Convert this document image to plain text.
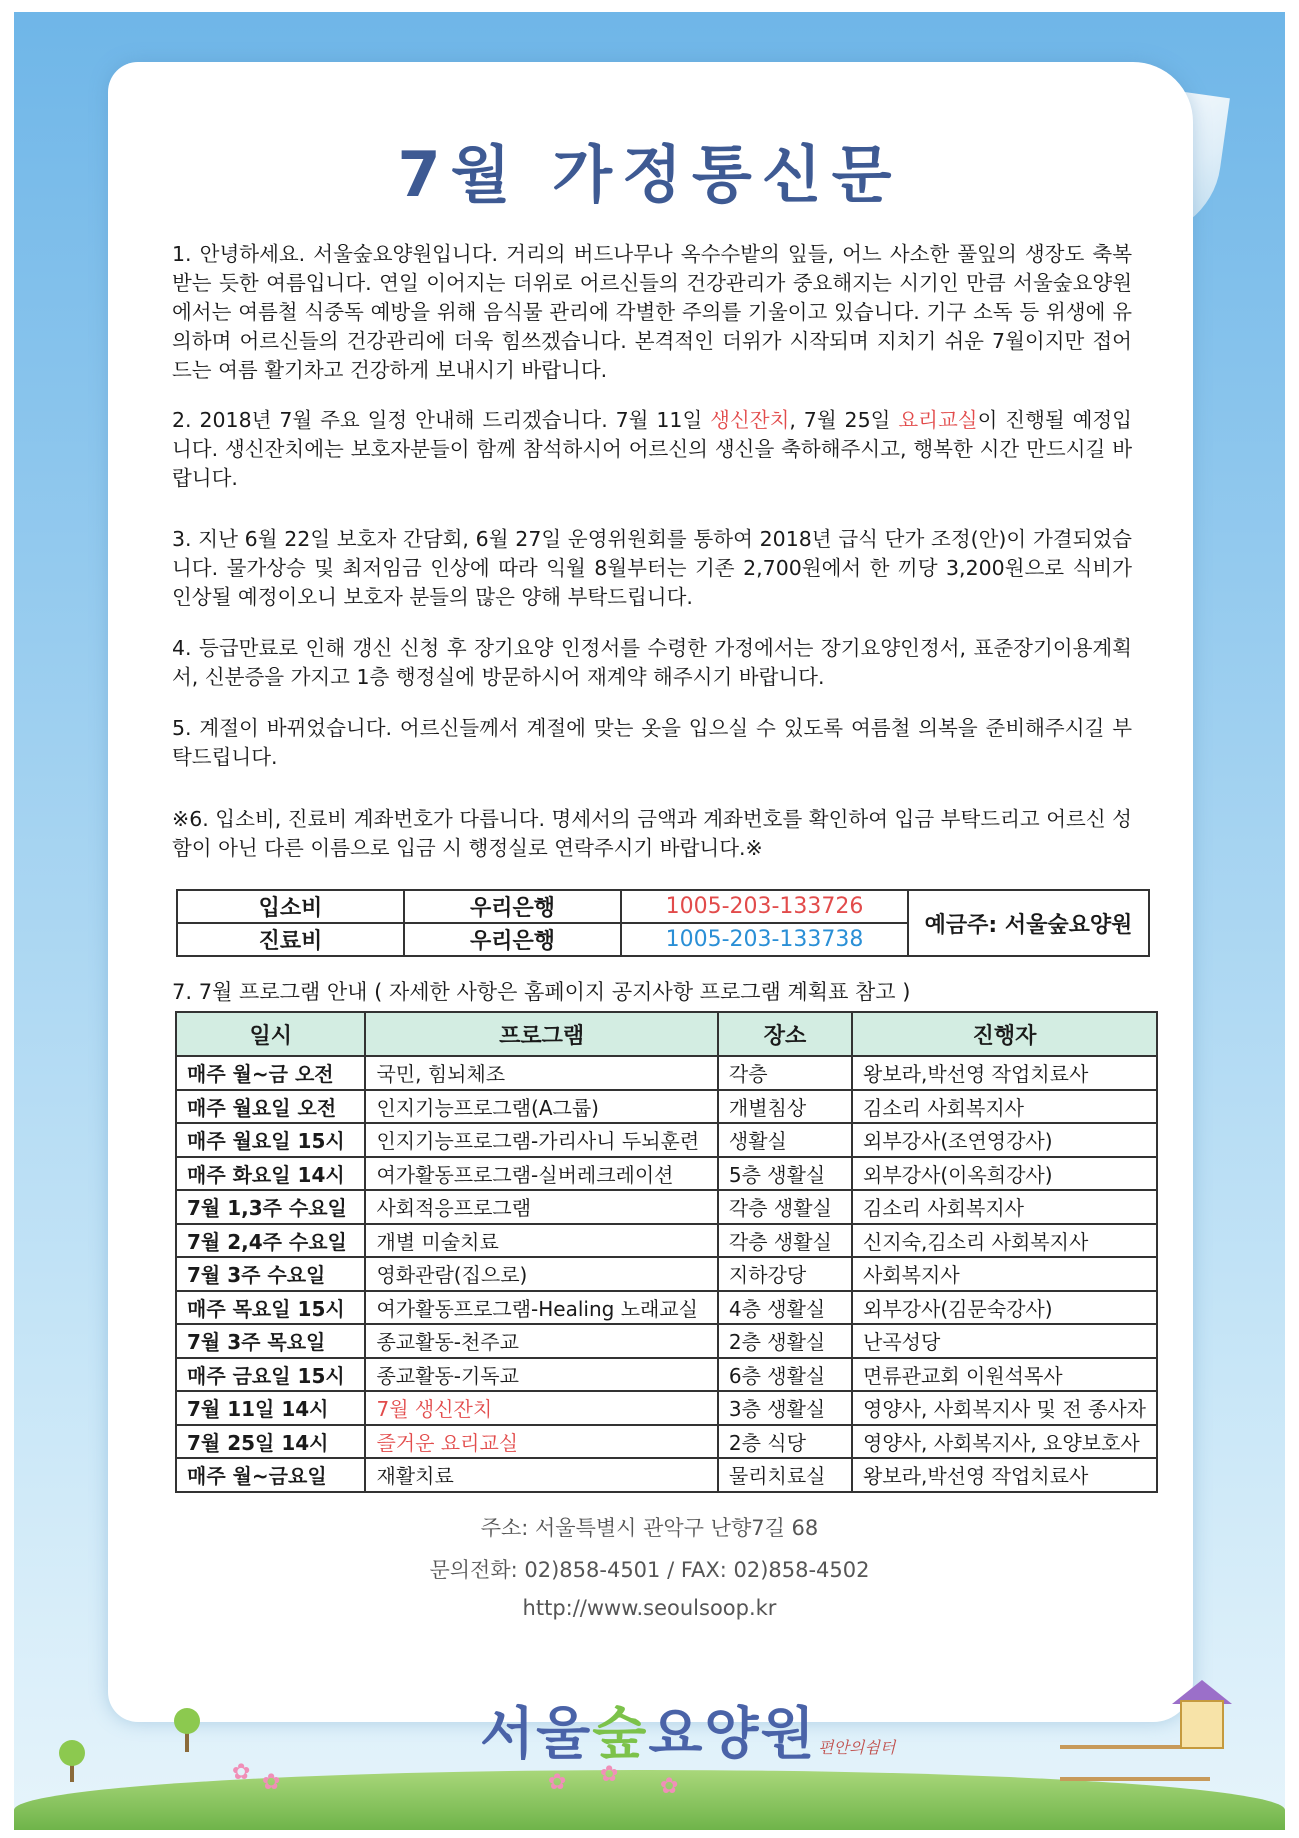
7월 가정통신문

1. 안녕하세요. 서울숲요양원입니다. 거리의 버드나무나 옥수수밭의 잎들, 어느 사소한 풀잎의 생장도 축복받는 듯한 여름입니다. 연일 이어지는 더위로 어르신들의 건강관리가 중요해지는 시기인 만큼 서울숲요양원에서는 여름철 식중독 예방을 위해 음식물 관리에 각별한 주의를 기울이고 있습니다. 기구 소독 등 위생에 유의하며 어르신들의 건강관리에 더욱 힘쓰겠습니다. 본격적인 더위가 시작되며 지치기 쉬운 7월이지만 접어드는 여름 활기차고 건강하게 보내시기 바랍니다.

2. 2018년 7월 주요 일정 안내해 드리겠습니다. 7월 11일 생신잔치, 7월 25일 요리교실이 진행될 예정입니다. 생신잔치에는 보호자분들이 함께 참석하시어 어르신의 생신을 축하해주시고, 행복한 시간 만드시길 바랍니다.

3. 지난 6월 22일 보호자 간담회, 6월 27일 운영위원회를 통하여 2018년 급식 단가 조정(안)이 가결되었습니다. 물가상승 및 최저임금 인상에 따라 익월 8월부터는 기존 2,700원에서 한 끼당 3,200원으로 식비가 인상될 예정이오니 보호자 분들의 많은 양해 부탁드립니다.

4. 등급만료로 인해 갱신 신청 후 장기요양 인정서를 수령한 가정에서는 장기요양인정서, 표준장기이용계획서, 신분증을 가지고 1층 행정실에 방문하시어 재계약 해주시기 바랍니다.

5. 계절이 바뀌었습니다. 어르신들께서 계절에 맞는 옷을 입으실 수 있도록 여름철 의복을 준비해주시길 부탁드립니다.

※6. 입소비, 진료비 계좌번호가 다릅니다. 명세서의 금액과 계좌번호를 확인하여 입금 부탁드리고 어르신 성함이 아닌 다른 이름으로 입금 시 행정실로 연락주시기 바랍니다.※

입소비	우리은행	1005-203-133726	예금주: 서울숲요양원
진료비	우리은행	1005-203-133738	

7. 7월 프로그램 안내 ( 자세한 사항은 홈페이지 공지사항 프로그램 계획표 참고 )

일시	프로그램	장소	진행자
매주 월~금 오전	국민, 힘뇌체조	각층	왕보라,박선영 작업치료사
매주 월요일 오전	인지기능프로그램(A그룹)	개별침상	김소리 사회복지사
매주 월요일 15시	인지기능프로그램-가리사니 두뇌훈련	생활실	외부강사(조연영강사)
매주 화요일 14시	여가활동프로그램-실버레크레이션	5층 생활실	외부강사(이옥희강사)
7월 1,3주 수요일	사회적응프로그램	각층 생활실	김소리 사회복지사
7월 2,4주 수요일	개별 미술치료	각층 생활실	신지숙,김소리 사회복지사
7월 3주 수요일	영화관람(집으로)	지하강당	사회복지사
매주 목요일 15시	여가활동프로그램-Healing 노래교실	4층 생활실	외부강사(김문숙강사)
7월 3주 목요일	종교활동-천주교	2층 생활실	난곡성당
매주 금요일 15시	종교활동-기독교	6층 생활실	면류관교회 이원석목사
7월 11일 14시	7월 생신잔치	3층 생활실	영양사, 사회복지사 및 전 종사자
7월 25일 14시	즐거운 요리교실	2층 식당	영양사, 사회복지사, 요양보호사
매주 월~금요일	재활치료	물리치료실	왕보라,박선영 작업치료사

주소: 서울특별시 관악구 난향7길 68

문의전화: 02)858-4501 / FAX: 02)858-4502

http://www.seoulsoop.kr

✿ ✿	✿ ✿ ✿
서울숲요양원 편안의쉼터
